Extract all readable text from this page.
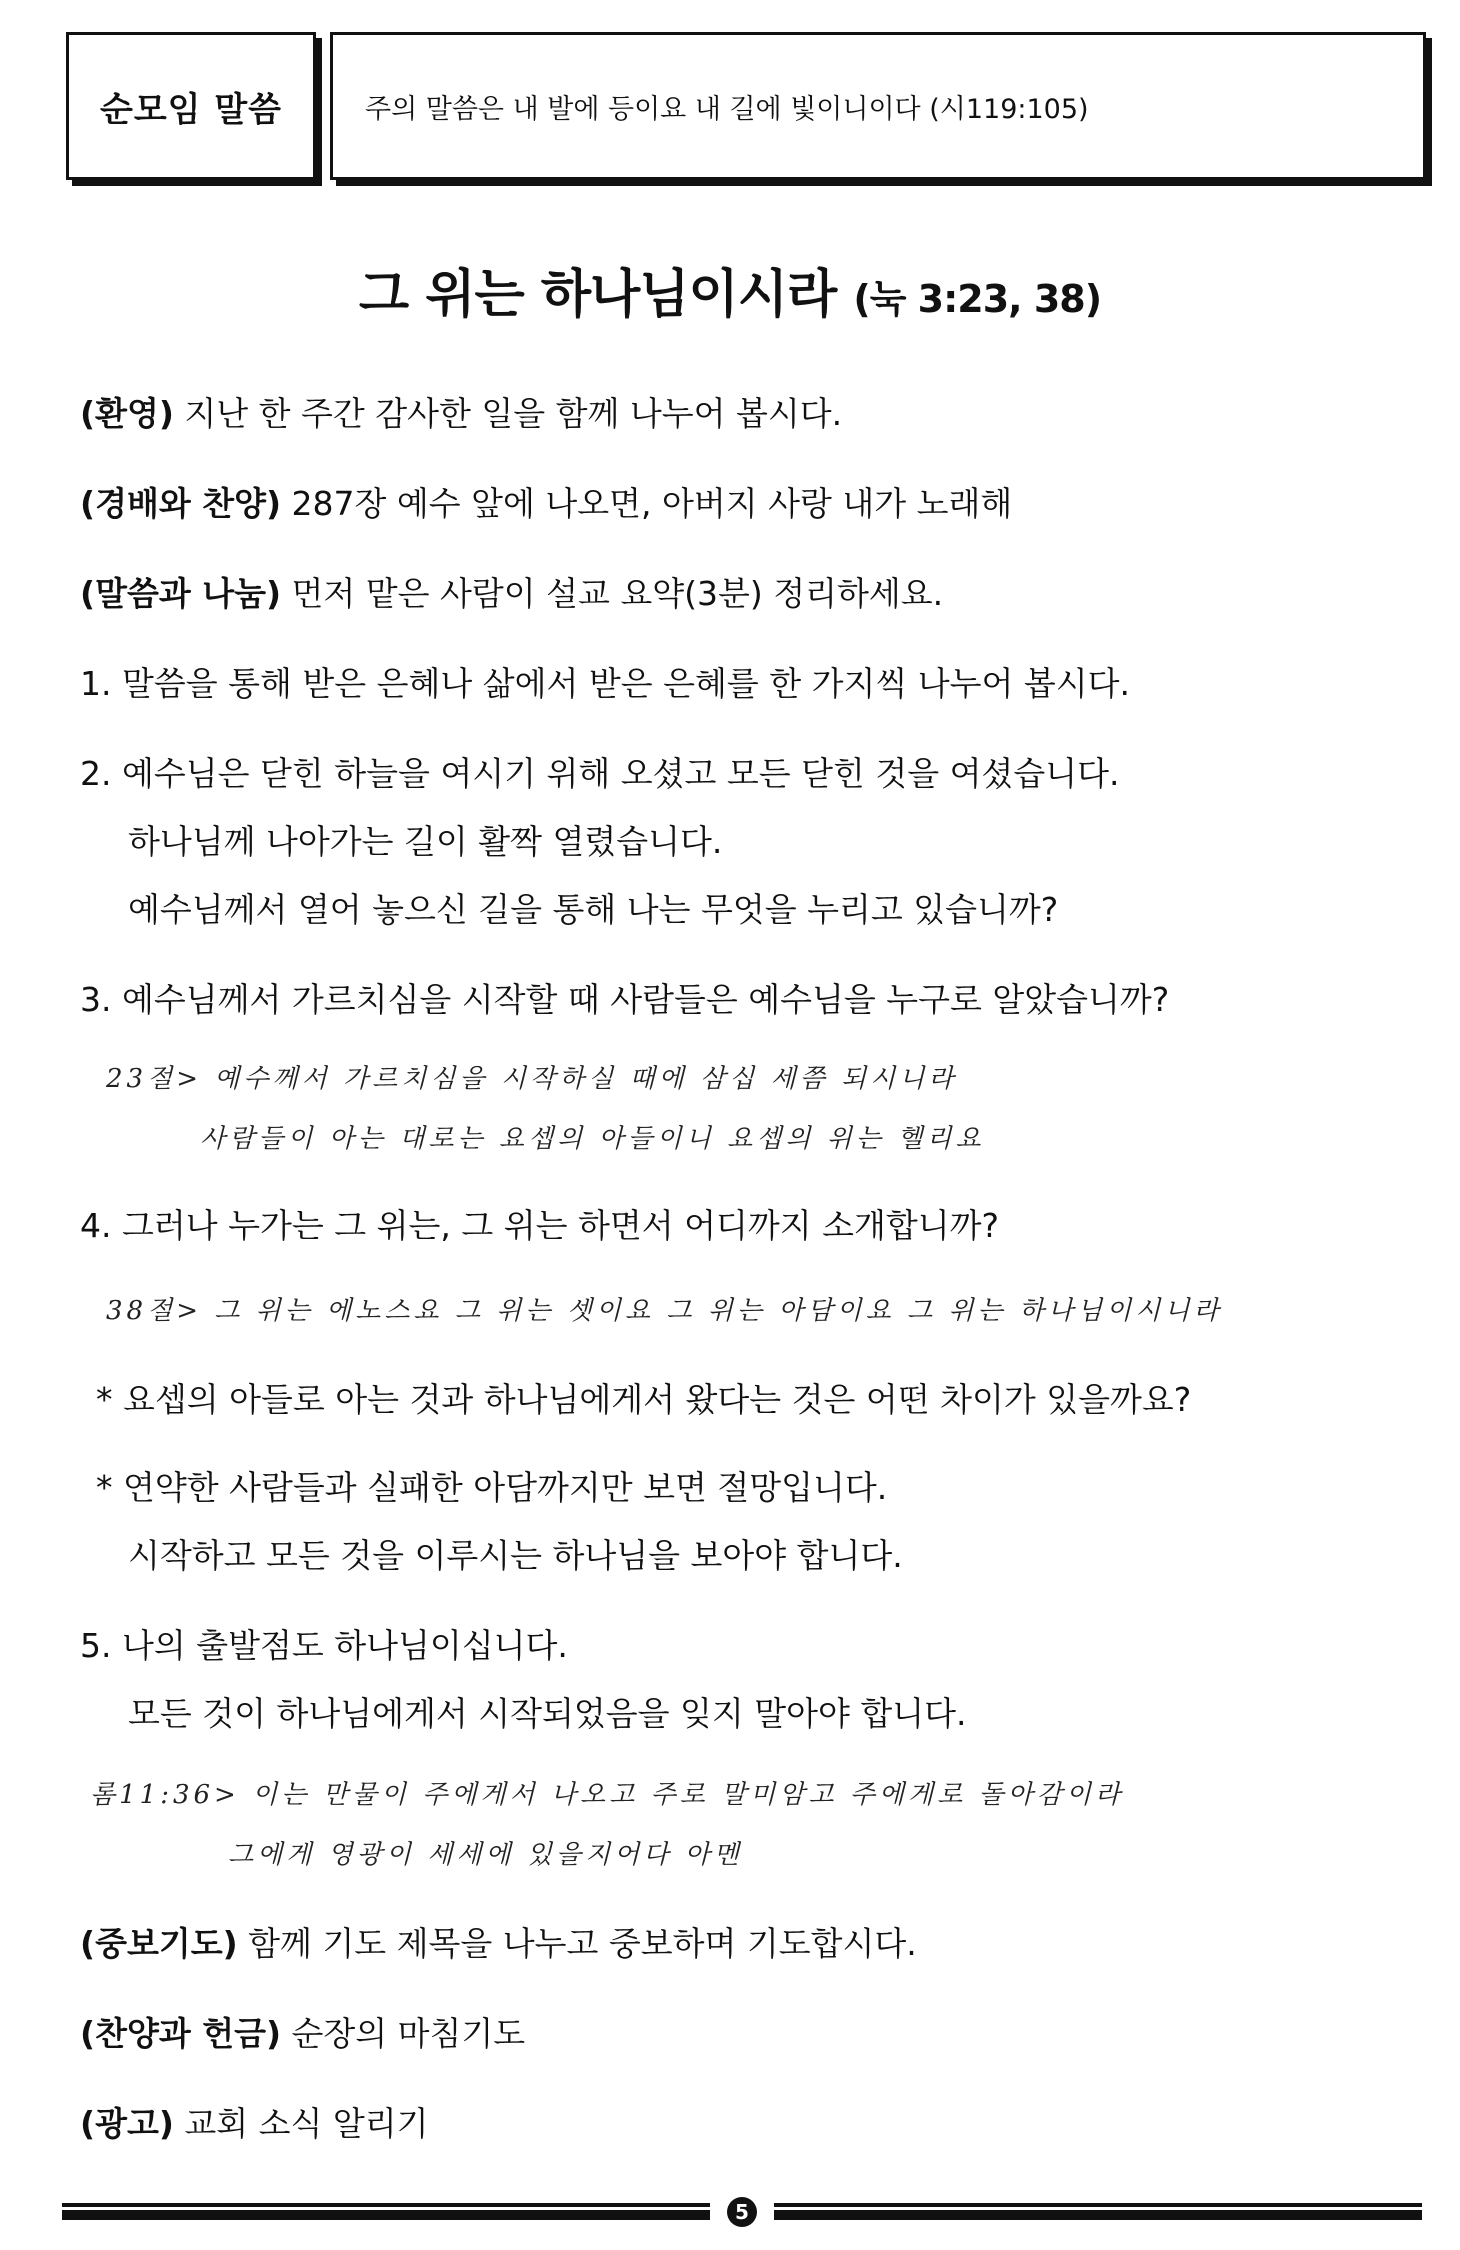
순모임 말씀	주의 말씀은 내 발에 등이요 내 길에 빛이니이다 (시119:105)
그 위는 하나님이시라 (눅 3:23, 38)
(환영) 지난 한 주간 감사한 일을 함께 나누어 봅시다.
(경배와 찬양) 287장 예수 앞에 나오면, 아버지 사랑 내가 노래해
(말씀과 나눔) 먼저 맡은 사람이 설교 요약(3분) 정리하세요.
1. 말씀을 통해 받은 은혜나 삶에서 받은 은혜를 한 가지씩 나누어 봅시다.
2. 예수님은 닫힌 하늘을 여시기 위해 오셨고 모든 닫힌 것을 여셨습니다.
하나님께 나아가는 길이 활짝 열렸습니다.
예수님께서 열어 놓으신 길을 통해 나는 무엇을 누리고 있습니까?
3. 예수님께서 가르치심을 시작할 때 사람들은 예수님을 누구로 알았습니까?
23절> 예수께서 가르치심을 시작하실 때에 삼십 세쯤 되시니라
사람들이 아는 대로는 요셉의 아들이니 요셉의 위는 헬리요
4. 그러나 누가는 그 위는, 그 위는 하면서 어디까지 소개합니까?
38절> 그 위는 에노스요 그 위는 셋이요 그 위는 아담이요 그 위는 하나님이시니라
* 요셉의 아들로 아는 것과 하나님에게서 왔다는 것은 어떤 차이가 있을까요?
* 연약한 사람들과 실패한 아담까지만 보면 절망입니다.
시작하고 모든 것을 이루시는 하나님을 보아야 합니다.
5. 나의 출발점도 하나님이십니다.
모든 것이 하나님에게서 시작되었음을 잊지 말아야 합니다.
롬11:36> 이는 만물이 주에게서 나오고 주로 말미암고 주에게로 돌아감이라
그에게 영광이 세세에 있을지어다 아멘
(중보기도) 함께 기도 제목을 나누고 중보하며 기도합시다.
(찬양과 헌금) 순장의 마침기도
(광고) 교회 소식 알리기
5
